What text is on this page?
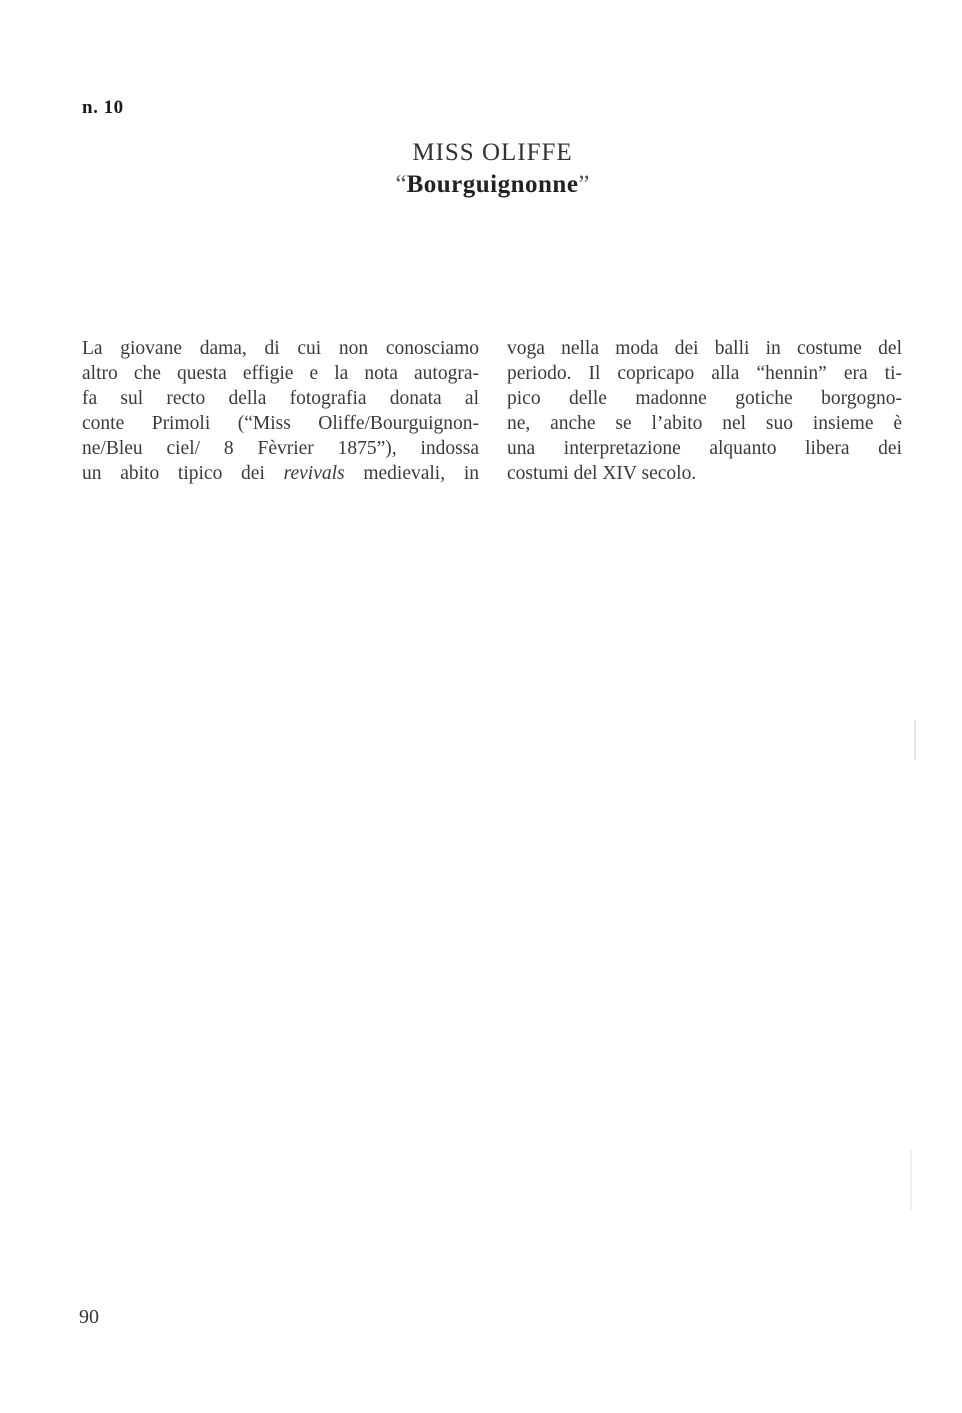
n. 10
MISS OLIFFE
“Bourguignonne”
La giovane dama, di cui non conosciamo
altro che questa effigie e la nota autogra-
fa sul recto della fotografia donata al
conte Primoli (“Miss Oliffe/Bourguignon-
ne/Bleu ciel/ 8 Fèvrier 1875”), indossa
un abito tipico dei revivals medievali, in
voga nella moda dei balli in costume del
periodo. Il copricapo alla “hennin” era ti-
pico delle madonne gotiche borgogno-
ne, anche se l’abito nel suo insieme è
una interpretazione alquanto libera dei
costumi del XIV secolo.
90
